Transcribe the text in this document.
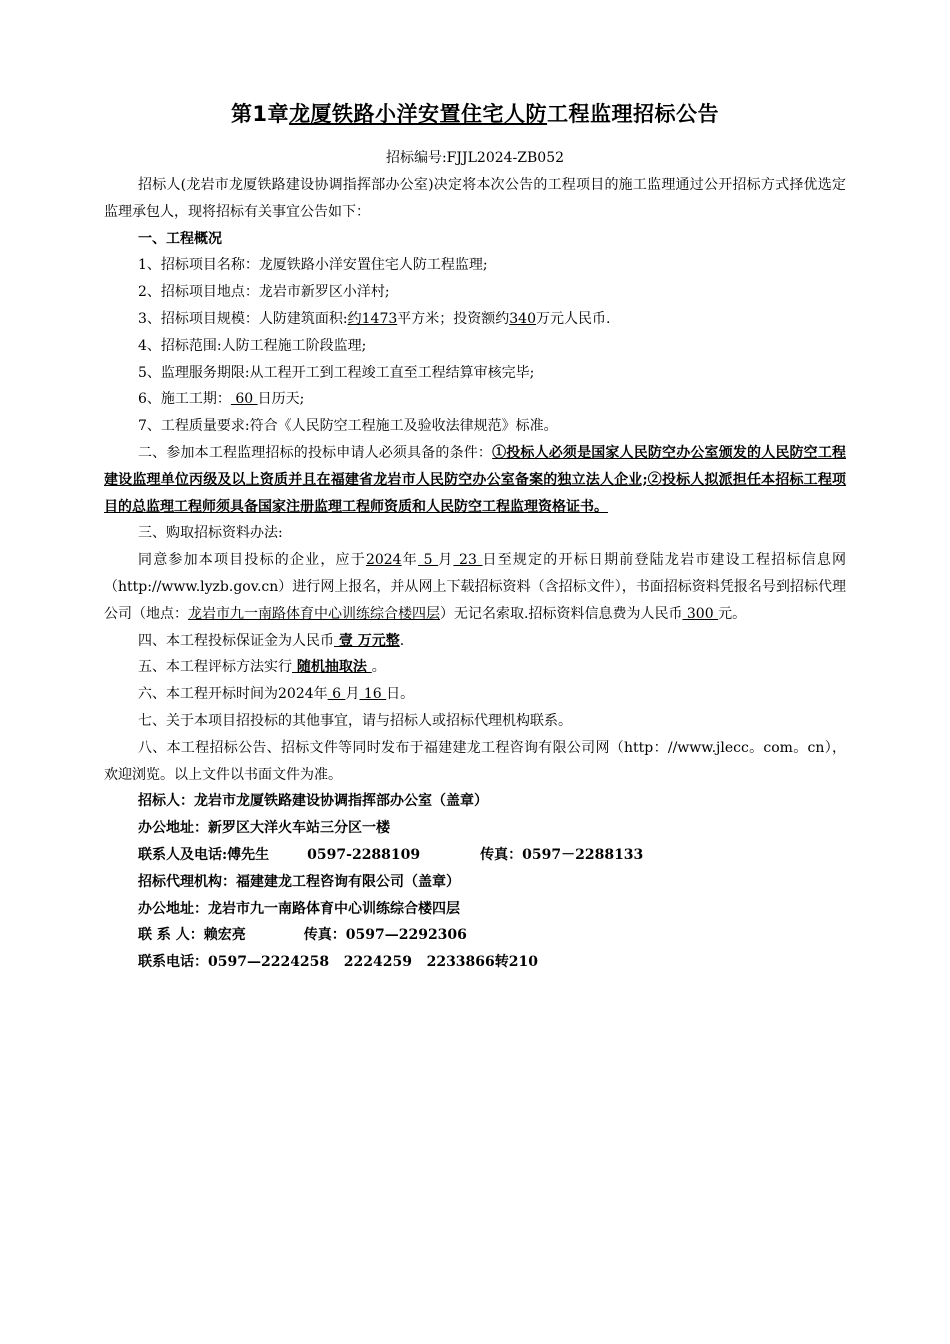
第1章龙厦铁路小洋安置住宅人防工程监理招标公告
招标编号:FJJL2024-ZB052

招标人(龙岩市龙厦铁路建设协调指挥部办公室)决定将本次公告的工程项目的施工监理通过公开招标方式择优选定监理承包人，现将招标有关事宜公告如下：

一、工程概况

1、招标项目名称：龙厦铁路小洋安置住宅人防工程监理;

2、招标项目地点：龙岩市新罗区小洋村;

3、招标项目规模：人防建筑面积:约1473平方米；投资额约340万元人民币.

4、招标范围:人防工程施工阶段监理;

5、监理服务期限:从工程开工到工程竣工直至工程结算审核完毕;

6、施工工期： 60 日历天;

7、工程质量要求:符合《人民防空工程施工及验收法律规范》标准。

二、参加本工程监理招标的投标申请人必须具备的条件：①投标人必须是国家人民防空办公室颁发的人民防空工程建设监理单位丙级及以上资质并且在福建省龙岩市人民防空办公室备案的独立法人企业;②投标人拟派担任本招标工程项目的总监理工程师须具备国家注册监理工程师资质和人民防空工程监理资格证书。

三、购取招标资料办法:

同意参加本项目投标的企业，应于2024年 5 月 23 日至规定的开标日期前登陆龙岩市建设工程招标信息网（http://www.lyzb.gov.cn）进行网上报名，并从网上下载招标资料（含招标文件），书面招标资料凭报名号到招标代理公司（地点：龙岩市九一南路体育中心训练综合楼四层）无记名索取.招标资料信息费为人民币 300 元。

四、本工程投标保证金为人民币 壹 万元整.

五、本工程评标方法实行 随机抽取法 。

六、本工程开标时间为2024年 6 月 16 日。

七、关于本项目招投标的其他事宜，请与招标人或招标代理机构联系。

八、本工程招标公告、招标文件等同时发布于福建建龙工程咨询有限公司网（http：//www.jlecc。com。cn），欢迎浏览。以上文件以书面文件为准。

招标人：龙岩市龙厦铁路建设协调指挥部办公室（盖章）

办公地址：新罗区大洋火车站三分区一楼

联系人及电话:傅先生	0597-2288109	传真：0597－2288133

招标代理机构：福建建龙工程咨询有限公司（盖章）

办公地址：龙岩市九一南路体育中心训练综合楼四层

联 系 人：赖宏亮	传真：0597—2292306

联系电话：0597—2224258   2224259   2233866转210
